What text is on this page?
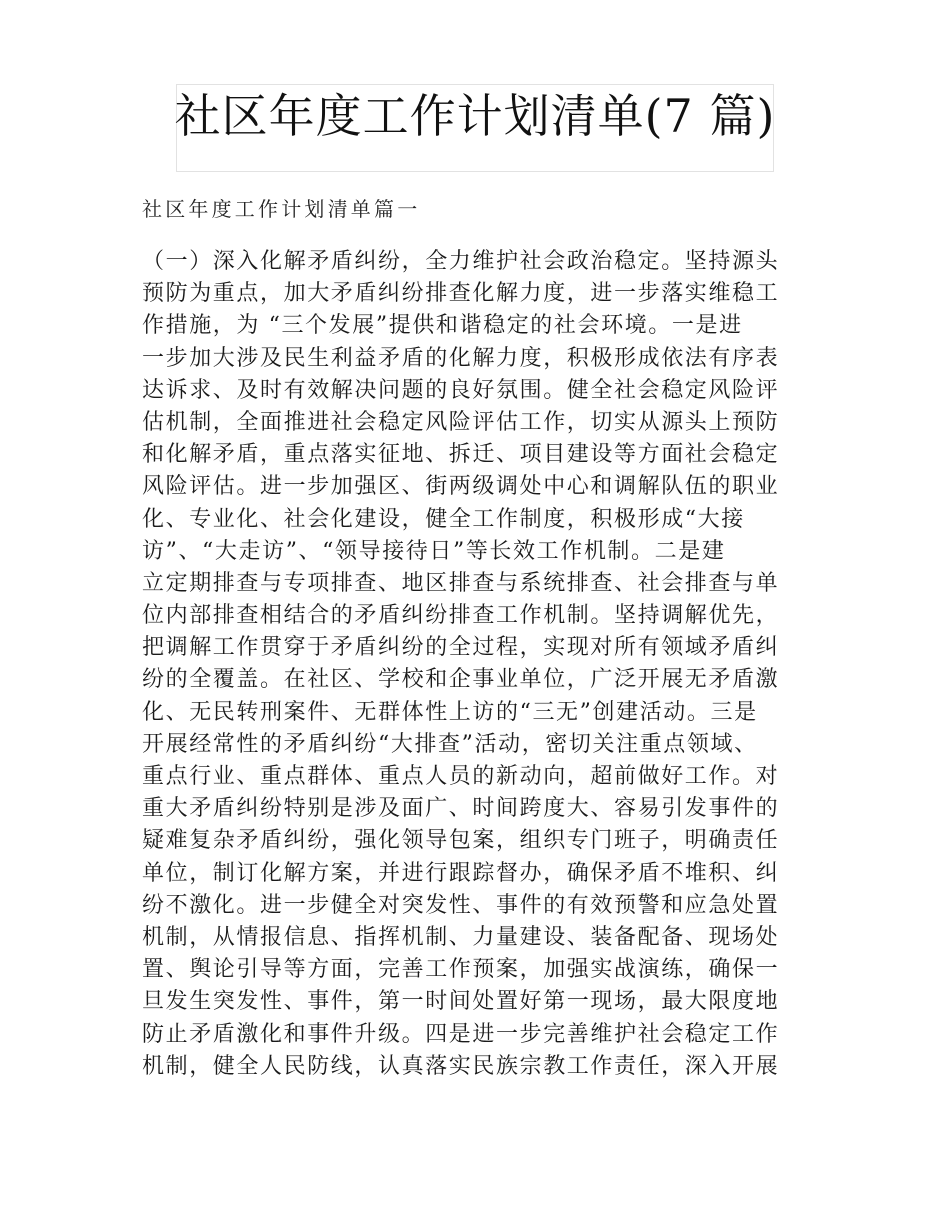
社区年度工作计划清单(7 篇)
社区年度工作计划清单篇一
（一）深入化解矛盾纠纷，全力维护社会政治稳定。坚持源头
预防为重点，加大矛盾纠纷排查化解力度，进一步落实维稳工
作措施，为 “三个发展”提供和谐稳定的社会环境。一是进
一步加大涉及民生利益矛盾的化解力度，积极形成依法有序表
达诉求、及时有效解决问题的良好氛围。健全社会稳定风险评
估机制，全面推进社会稳定风险评估工作，切实从源头上预防
和化解矛盾，重点落实征地、拆迁、项目建设等方面社会稳定
风险评估。进一步加强区、街两级调处中心和调解队伍的职业
化、专业化、社会化建设，健全工作制度，积极形成“大接
访”、“大走访”、“领导接待日”等长效工作机制。二是建
立定期排查与专项排查、地区排查与系统排查、社会排查与单
位内部排查相结合的矛盾纠纷排查工作机制。坚持调解优先，
把调解工作贯穿于矛盾纠纷的全过程，实现对所有领域矛盾纠
纷的全覆盖。在社区、学校和企事业单位，广泛开展无矛盾激
化、无民转刑案件、无群体性上访的“三无”创建活动。三是
开展经常性的矛盾纠纷“大排查”活动，密切关注重点领域、
重点行业、重点群体、重点人员的新动向，超前做好工作。对
重大矛盾纠纷特别是涉及面广、时间跨度大、容易引发事件的
疑难复杂矛盾纠纷，强化领导包案，组织专门班子，明确责任
单位，制订化解方案，并进行跟踪督办，确保矛盾不堆积、纠
纷不激化。进一步健全对突发性、事件的有效预警和应急处置
机制，从情报信息、指挥机制、力量建设、装备配备、现场处
置、舆论引导等方面，完善工作预案，加强实战演练，确保一
旦发生突发性、事件，第一时间处置好第一现场，最大限度地
防止矛盾激化和事件升级。四是进一步完善维护社会稳定工作
机制，健全人民防线，认真落实民族宗教工作责任，深入开展
